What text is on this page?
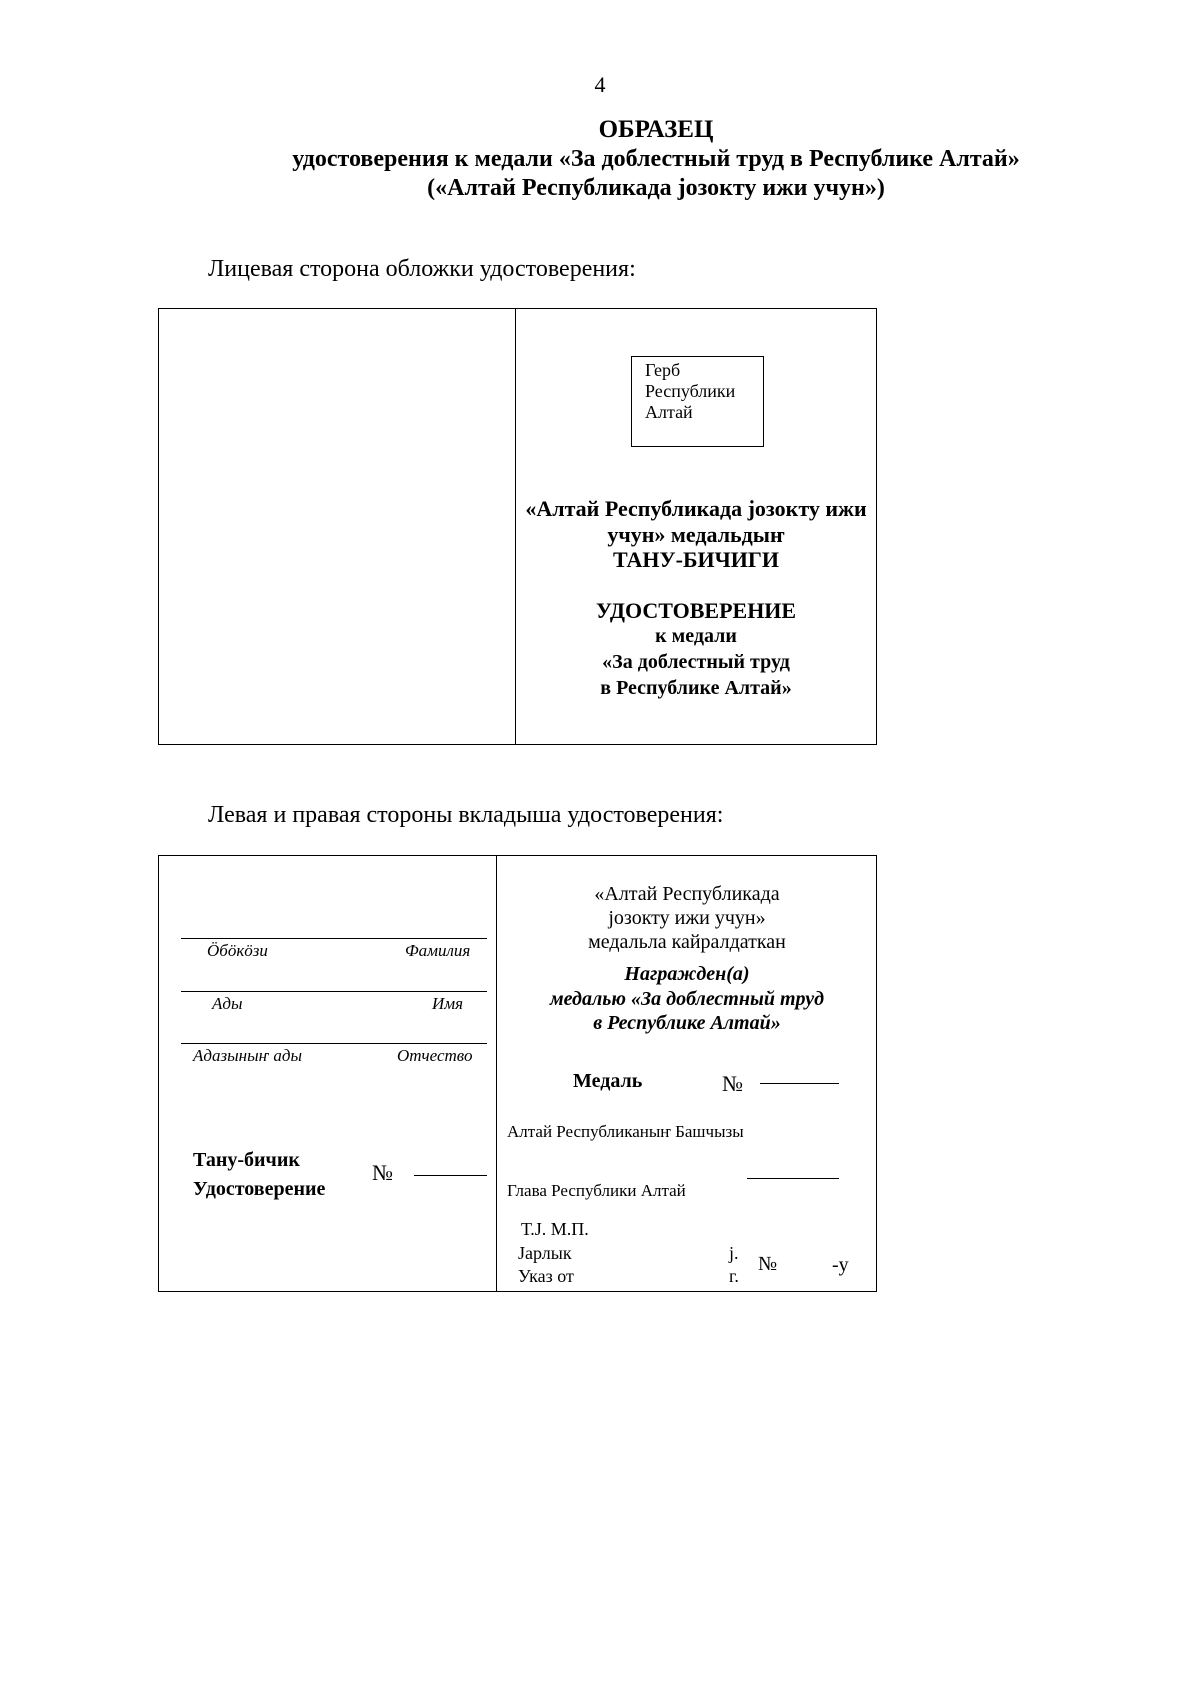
4
ОБРАЗЕЦ
удостоверения к медали «За доблестный труд в Республике Алтай»
(«Алтай Республикада јозокту ижи учун»)
Лицевая сторона обложки удостоверения:
Герб
Республики
Алтай
«Алтай Республикада јозокту ижи
учун» медальдыҥ
ТАНУ-БИЧИГИ
УДОСТОВЕРЕНИЕ
к медали
«За доблестный труд
в Республике Алтай»
Левая и правая стороны вкладыша удостоверения:
Ӧбӧкӧзи	Фамилия
Ады	Имя
Адазыныҥ ады	Отчество
Тану-бичик
Удостоверение
№
«Алтай Республикада
јозокту ижи учун»
медальла кайралдаткан
Награжден(а)
медалью «За доблестный труд
в Республике Алтай»
Медаль	№
Алтай Республиканыҥ Башчызы
Глава Республики Алтай
Т.Ј. М.П.
Јарлык
Указ от
ј.
г.
№	-у
